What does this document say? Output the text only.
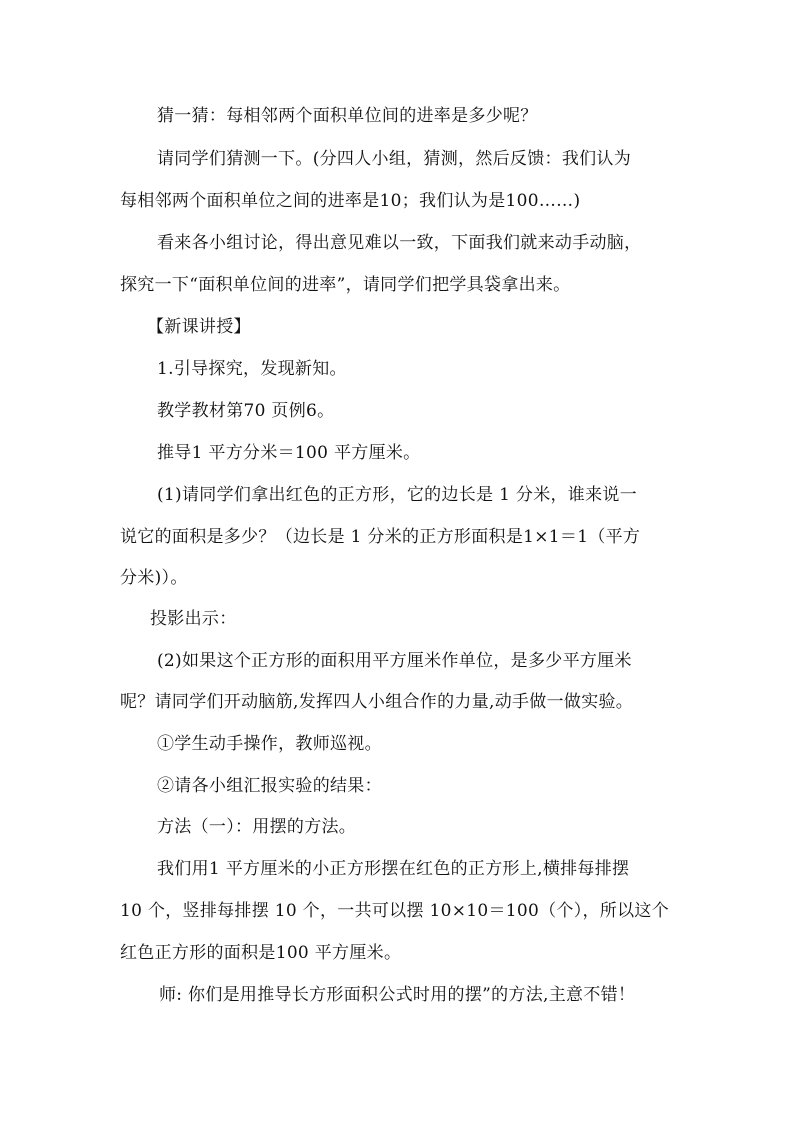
猜一猜：每相邻两个面积单位间的进率是多少呢？
请同学们猜测一下。(分四人小组，猜测，然后反馈：我们认为
每相邻两个面积单位之间的进率是10；我们认为是100……)
看来各小组讨论，得出意见难以一致，下面我们就来动手动脑，
探究一下“面积单位间的进率”，请同学们把学具袋拿出来。
【新课讲授】
1.引导探究，发现新知。
教学教材第70 页例6。
推导1 平方分米＝100 平方厘米。
(1)请同学们拿出红色的正方形，它的边长是 1 分米，谁来说一
说它的面积是多少？（边长是 1 分米的正方形面积是1×1＝1（平方
分米)）。
投影出示：
(2)如果这个正方形的面积用平方厘米作单位，是多少平方厘米
呢？请同学们开动脑筋,发挥四人小组合作的力量,动手做一做实验。
①学生动手操作，教师巡视。
②请各小组汇报实验的结果：
方法（一）：用摆的方法。
我们用1 平方厘米的小正方形摆在红色的正方形上,横排每排摆
10 个，竖排每排摆 10 个，一共可以摆 10×10＝100（个），所以这个
红色正方形的面积是100 平方厘米。
师: 你们是用推导长方形面积公式时用的摆”的方法,主意不错！
